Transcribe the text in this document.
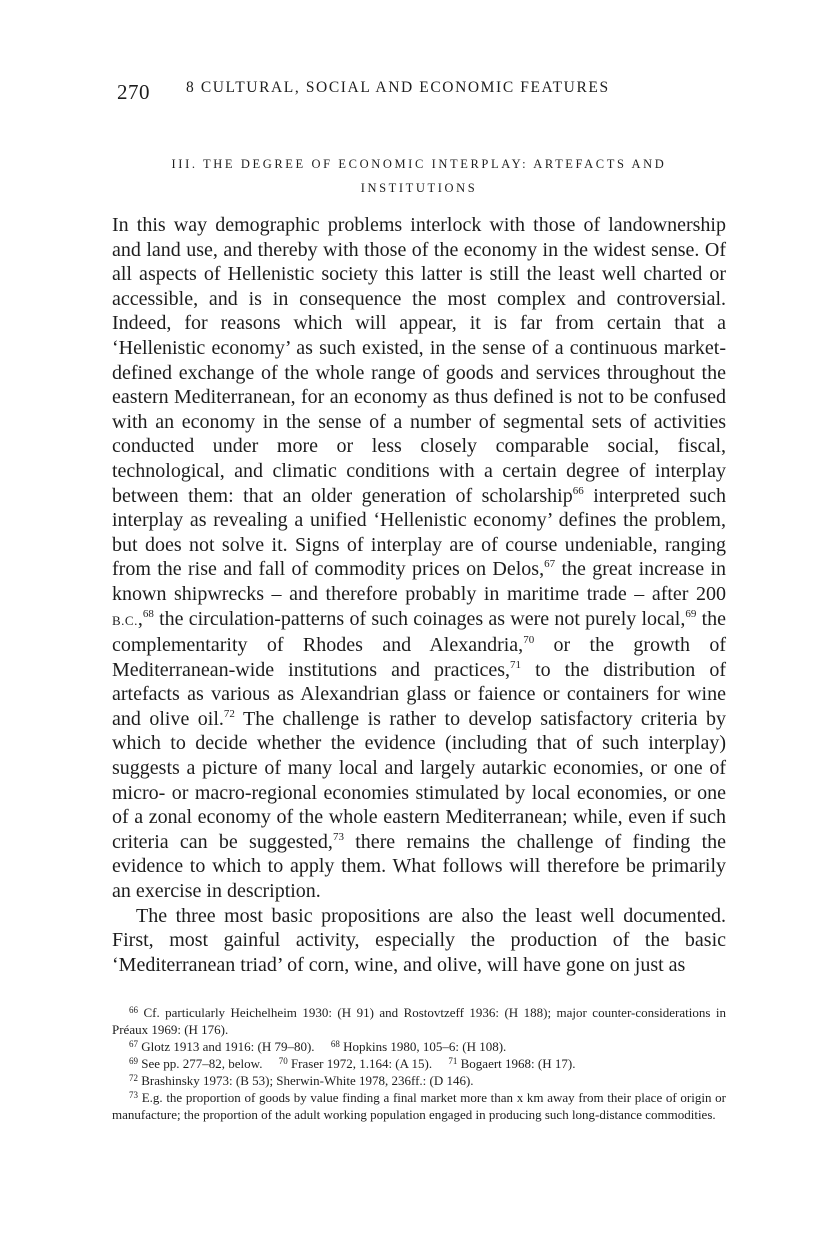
270 8 CULTURAL, SOCIAL AND ECONOMIC FEATURES
III. THE DEGREE OF ECONOMIC INTERPLAY: ARTEFACTS AND
INSTITUTIONS

In this way demographic problems interlock with those of landownership and land use, and thereby with those of the economy in the widest sense. Of all aspects of Hellenistic society this latter is still the least well charted or accessible, and is in consequence the most complex and controversial. Indeed, for reasons which will appear, it is far from certain that a ‘Hellenistic economy’ as such existed, in the sense of a continuous market-defined exchange of the whole range of goods and services throughout the eastern Mediterranean, for an economy as thus defined is not to be confused with an economy in the sense of a number of segmental sets of activities conducted under more or less closely comparable social, fiscal, technological, and climatic conditions with a certain degree of interplay between them: that an older generation of scholarship$^{66}$ interpreted such interplay as revealing a unified ‘Hellenistic economy’ defines the problem, but does not solve it. Signs of interplay are of course undeniable, ranging from the rise and fall of commodity prices on Delos,$^{67}$ the great increase in known shipwrecks – and therefore probably in maritime trade – after 200 B.C.,$^{68}$ the circulation-patterns of such coinages as were not purely local,$^{69}$ the complementarity of Rhodes and Alexandria,$^{70}$ or the growth of Mediterranean-wide institutions and practices,$^{71}$ to the distribution of artefacts as various as Alexandrian glass or faience or containers for wine and olive oil.$^{72}$ The challenge is rather to develop satisfactory criteria by which to decide whether the evidence (including that of such interplay) suggests a picture of many local and largely autarkic economies, or one of micro- or macro-regional economies stimulated by local economies, or one of a zonal economy of the whole eastern Mediterranean; while, even if such criteria can be suggested,$^{73}$ there remains the challenge of finding the evidence to which to apply them. What follows will therefore be primarily an exercise in description.

The three most basic propositions are also the least well documented. First, most gainful activity, especially the production of the basic ‘Mediterranean triad’ of corn, wine, and olive, will have gone on just as

$^{66}$ Cf. particularly Heichelheim 1930: (H 91) and Rostovtzeff 1936: (H 188); major counter-considerations in Préaux 1969: (H 176).

$^{67}$ Glotz 1913 and 1916: (H 79–80).     $^{68}$ Hopkins 1980, 105–6: (H 108).

$^{69}$ See pp. 277–82, below.     $^{70}$ Fraser 1972, 1.164: (A 15).     $^{71}$ Bogaert 1968: (H 17).

$^{72}$ Brashinsky 1973: (B 53); Sherwin-White 1978, 236ff.: (D 146).

$^{73}$ E.g. the proportion of goods by value finding a final market more than x km away from their place of origin or manufacture; the proportion of the adult working population engaged in producing such long-distance commodities.
